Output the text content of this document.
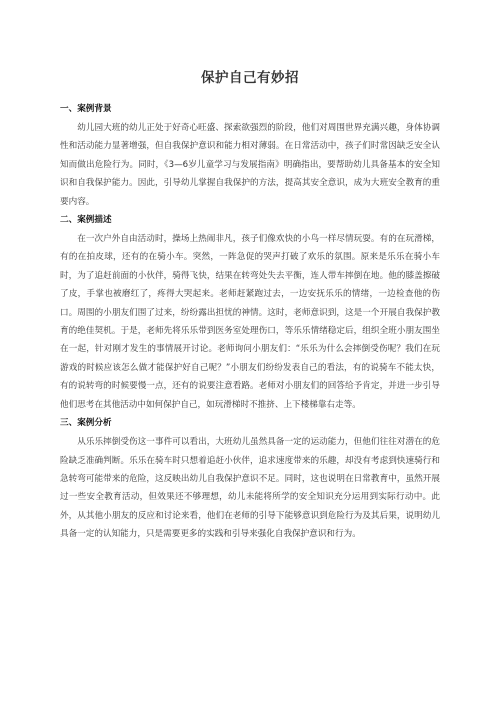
保护自己有妙招
一、案例背景

幼儿园大班的幼儿正处于好奇心旺盛、探索欲强烈的阶段，他们对周围世界充满兴趣，身体协调性和活动能力显著增强，但自我保护意识和能力相对薄弱。在日常活动中，孩子们时常因缺乏安全认知而做出危险行为。同时，《3—6岁儿童学习与发展指南》明确指出，要帮助幼儿具备基本的安全知识和自我保护能力。因此，引导幼儿掌握自我保护的方法，提高其安全意识，成为大班安全教育的重要内容。

二、案例描述

在一次户外自由活动时，操场上热闹非凡，孩子们像欢快的小鸟一样尽情玩耍。有的在玩滑梯，有的在拍皮球，还有的在骑小车。突然，一阵急促的哭声打破了欢乐的氛围。原来是乐乐在骑小车时，为了追赶前面的小伙伴，骑得飞快，结果在转弯处失去平衡，连人带车摔倒在地。他的膝盖擦破了皮，手掌也被磨红了，疼得大哭起来。老师赶紧跑过去，一边安抚乐乐的情绪，一边检查他的伤口。周围的小朋友们围了过来，纷纷露出担忧的神情。这时，老师意识到，这是一个开展自我保护教育的绝佳契机。于是，老师先将乐乐带到医务室处理伤口，等乐乐情绪稳定后，组织全班小朋友围坐在一起，针对刚才发生的事情展开讨论。老师询问小朋友们：“乐乐为什么会摔倒受伤呢？我们在玩游戏的时候应该怎么做才能保护好自己呢？”小朋友们纷纷发表自己的看法，有的说骑车不能太快，有的说转弯的时候要慢一点，还有的说要注意看路。老师对小朋友们的回答给予肯定，并进一步引导他们思考在其他活动中如何保护自己，如玩滑梯时不推挤、上下楼梯靠右走等。

三、案例分析

从乐乐摔倒受伤这一事件可以看出，大班幼儿虽然具备一定的运动能力，但他们往往对潜在的危险缺乏准确判断。乐乐在骑车时只想着追赶小伙伴，追求速度带来的乐趣，却没有考虑到快速骑行和急转弯可能带来的危险，这反映出幼儿自我保护意识不足。同时，这也说明在日常教育中，虽然开展过一些安全教育活动，但效果还不够理想，幼儿未能将所学的安全知识充分运用到实际行动中。此外，从其他小朋友的反应和讨论来看，他们在老师的引导下能够意识到危险行为及其后果，说明幼儿具备一定的认知能力，只是需要更多的实践和引导来强化自我保护意识和行为。
